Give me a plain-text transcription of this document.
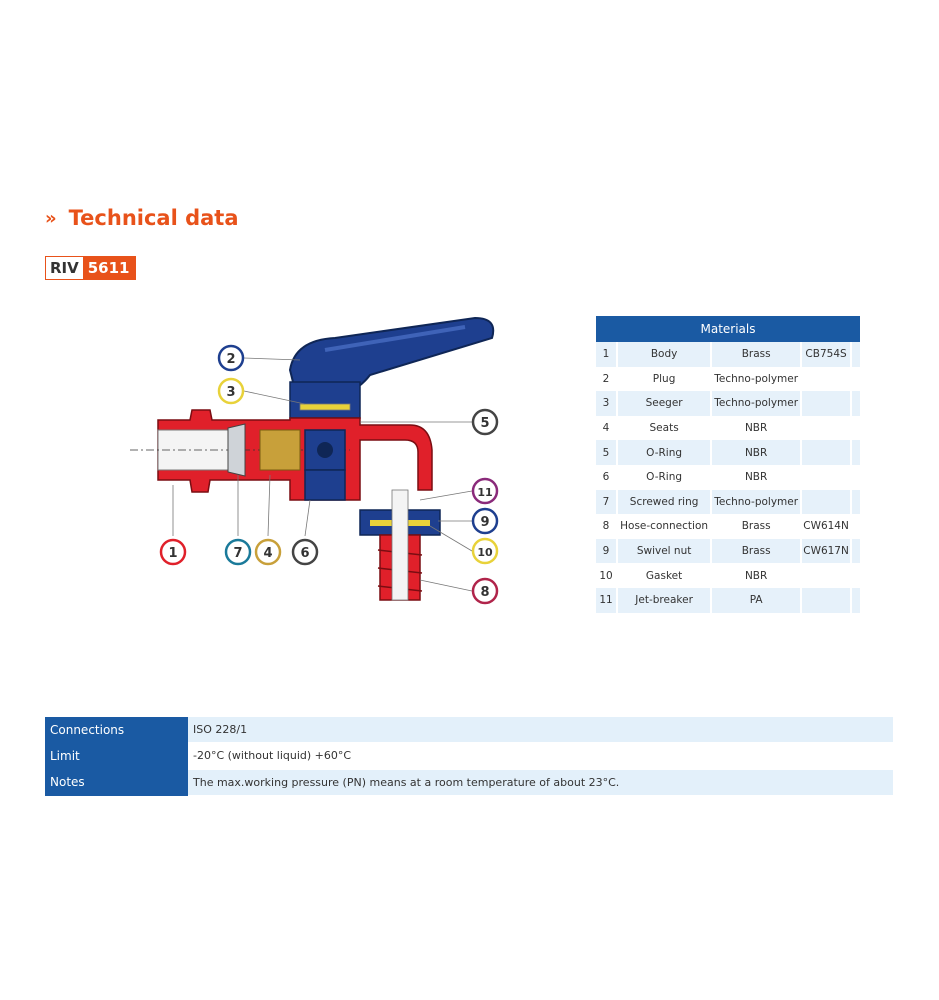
» Technical data
RIV 5611
1
2
3
4
5
6
7
8
9
10
11
Materials				
1	Body	Brass	CB754S	
2	Plug	Techno-polymer		
3	Seeger	Techno-polymer		
4	Seats	NBR		
5	O-Ring	NBR		
6	O-Ring	NBR		
7	Screwed ring	Techno-polymer		
8	Hose-connection	Brass	CW614N	
9	Swivel nut	Brass	CW617N	
10	Gasket	NBR		
11	Jet-breaker	PA		
Connections	ISO 228/1
Limit	-20°C (without liquid) +60°C
Notes	The max.working pressure (PN) means at a room temperature of about 23°C.
